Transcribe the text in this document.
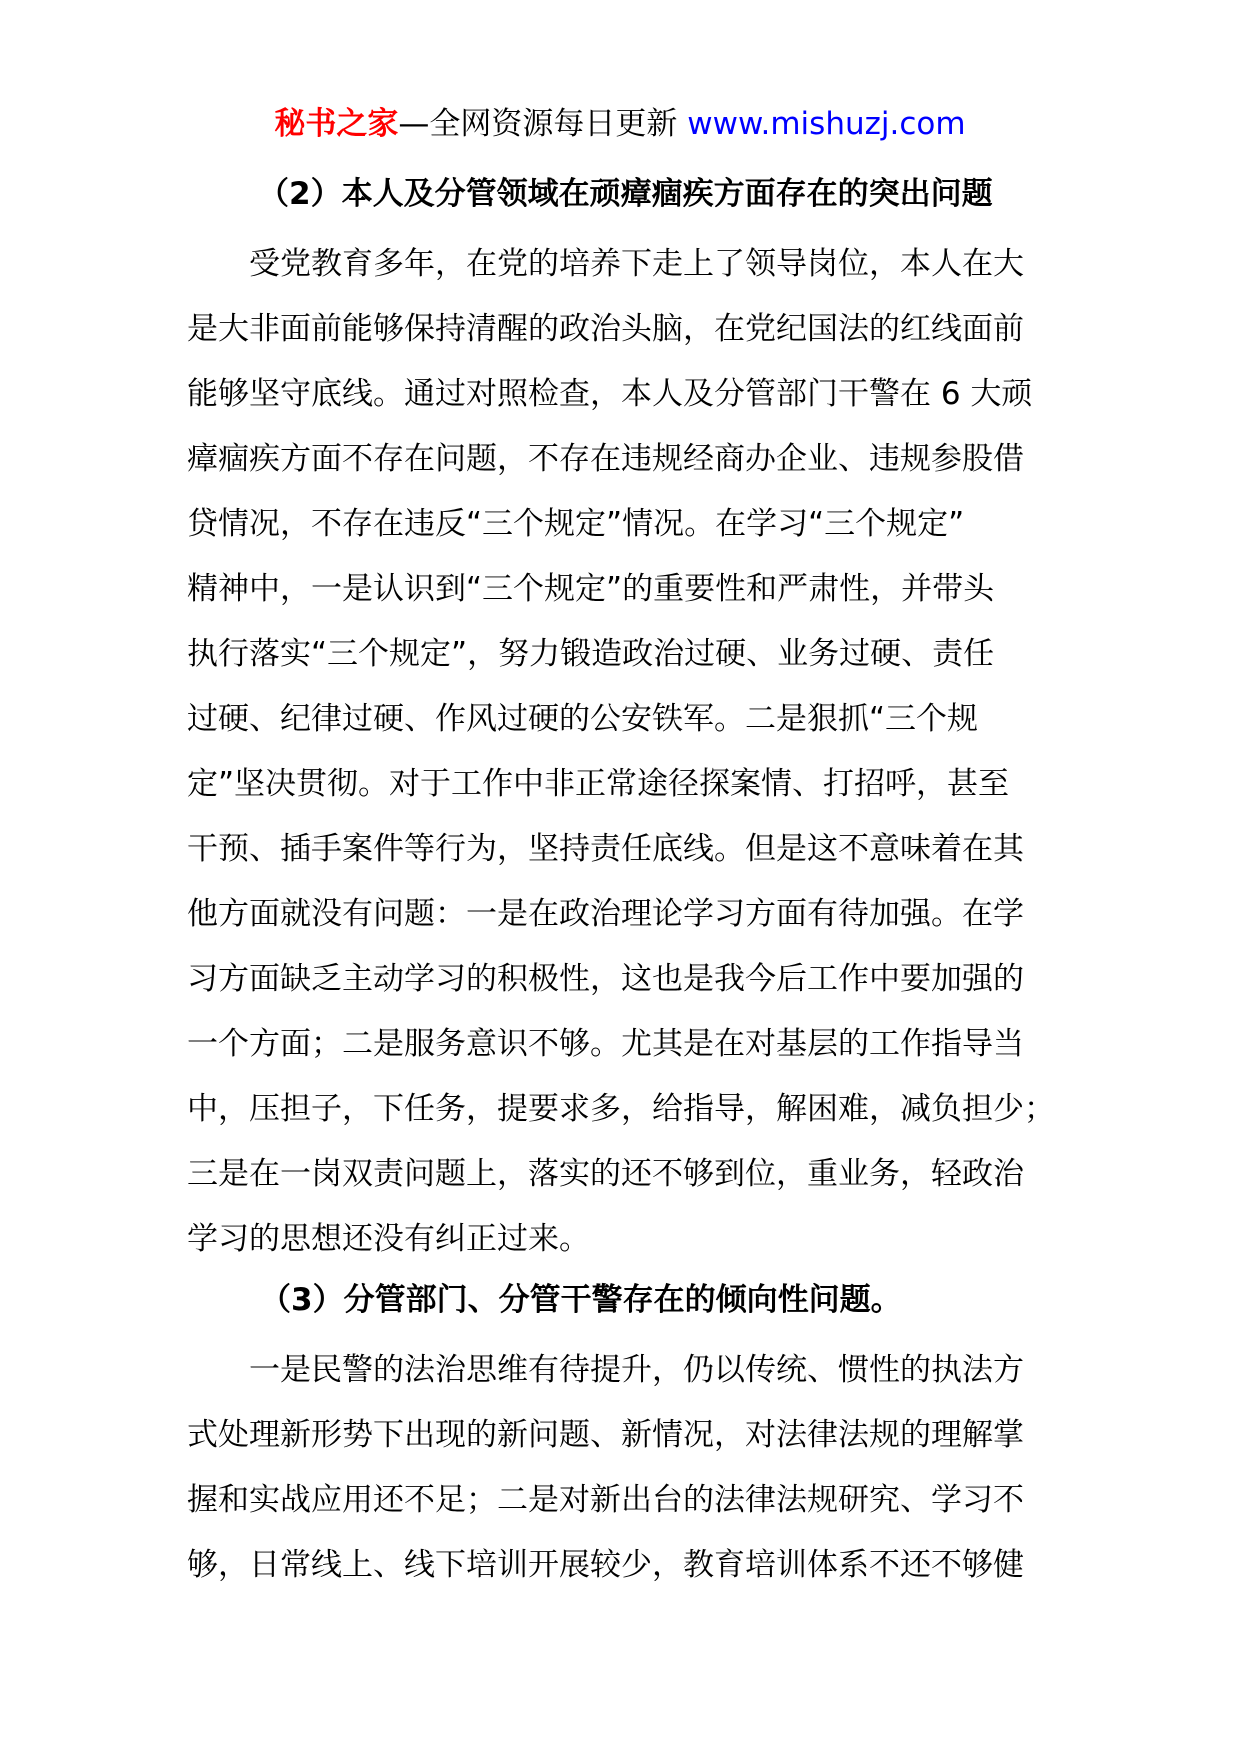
秘书之家—全网资源每日更新 www.mishuzj.com
（2）本人及分管领域在顽瘴痼疾方面存在的突出问题
受党教育多年，在党的培养下走上了领导岗位，本人在大
是大非面前能够保持清醒的政治头脑，在党纪国法的红线面前
能够坚守底线。通过对照检查，本人及分管部门干警在 6 大顽
瘴痼疾方面不存在问题，不存在违规经商办企业、违规参股借
贷情况，不存在违反“三个规定”情况。在学习“三个规定”
精神中，一是认识到“三个规定”的重要性和严肃性，并带头
执行落实“三个规定”，努力锻造政治过硬、业务过硬、责任
过硬、纪律过硬、作风过硬的公安铁军。二是狠抓“三个规
定”坚决贯彻。对于工作中非正常途径探案情、打招呼，甚至
干预、插手案件等行为，坚持责任底线。但是这不意味着在其
他方面就没有问题：一是在政治理论学习方面有待加强。在学
习方面缺乏主动学习的积极性，这也是我今后工作中要加强的
一个方面；二是服务意识不够。尤其是在对基层的工作指导当
中，压担子，下任务，提要求多，给指导，解困难，减负担少；
三是在一岗双责问题上，落实的还不够到位，重业务，轻政治
学习的思想还没有纠正过来。
（3）分管部门、分管干警存在的倾向性问题。
一是民警的法治思维有待提升，仍以传统、惯性的执法方
式处理新形势下出现的新问题、新情况，对法律法规的理解掌
握和实战应用还不足；二是对新出台的法律法规研究、学习不
够，日常线上、线下培训开展较少，教育培训体系不还不够健
